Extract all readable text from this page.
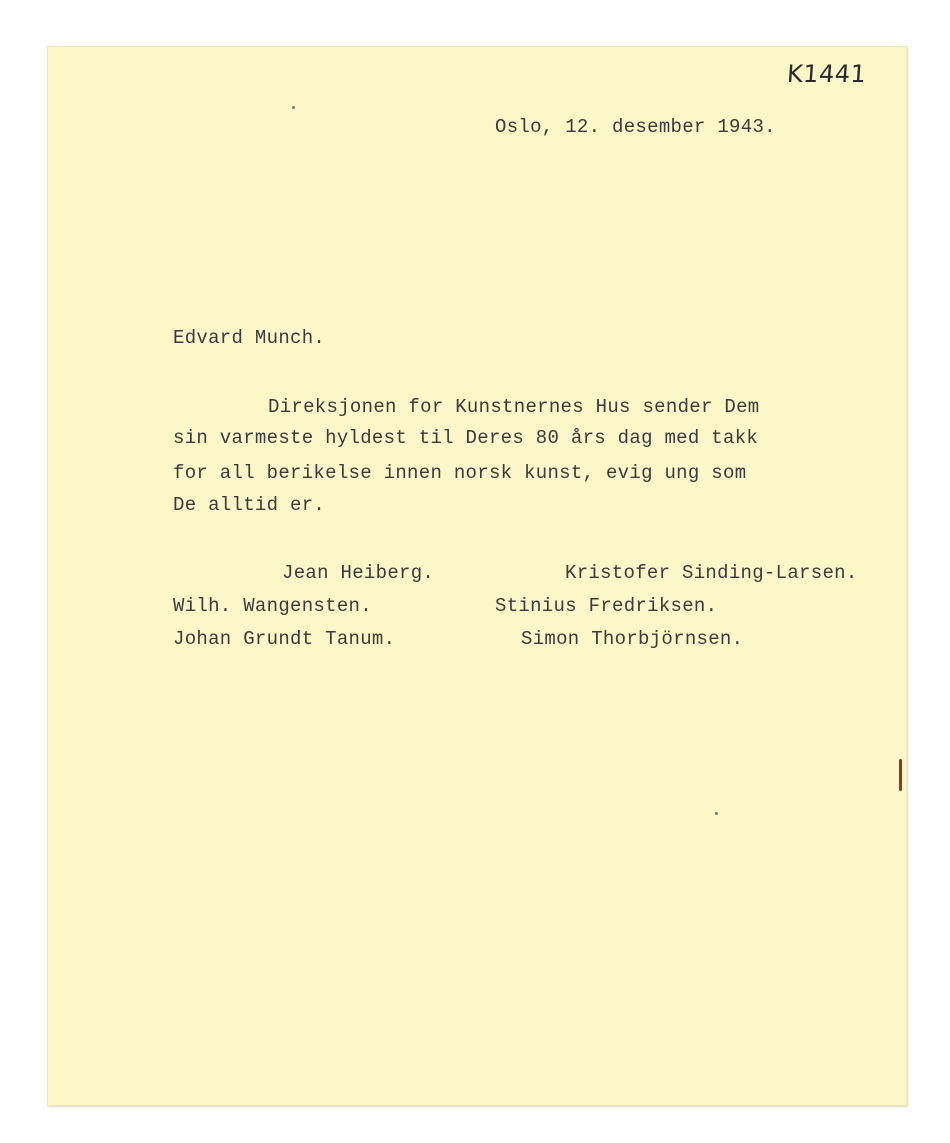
K1441
Oslo, 12. desember 1943.
Edvard Munch.
Direksjonen for Kunstnernes Hus sender Dem
sin varmeste hyldest til Deres 80 års dag med takk
for all berikelse innen norsk kunst, evig ung som
De alltid er.
Jean Heiberg.
Wilh. Wangensten.
Johan Grundt Tanum.
Kristofer Sinding-Larsen.
Stinius Fredriksen.
Simon Thorbjörnsen.
